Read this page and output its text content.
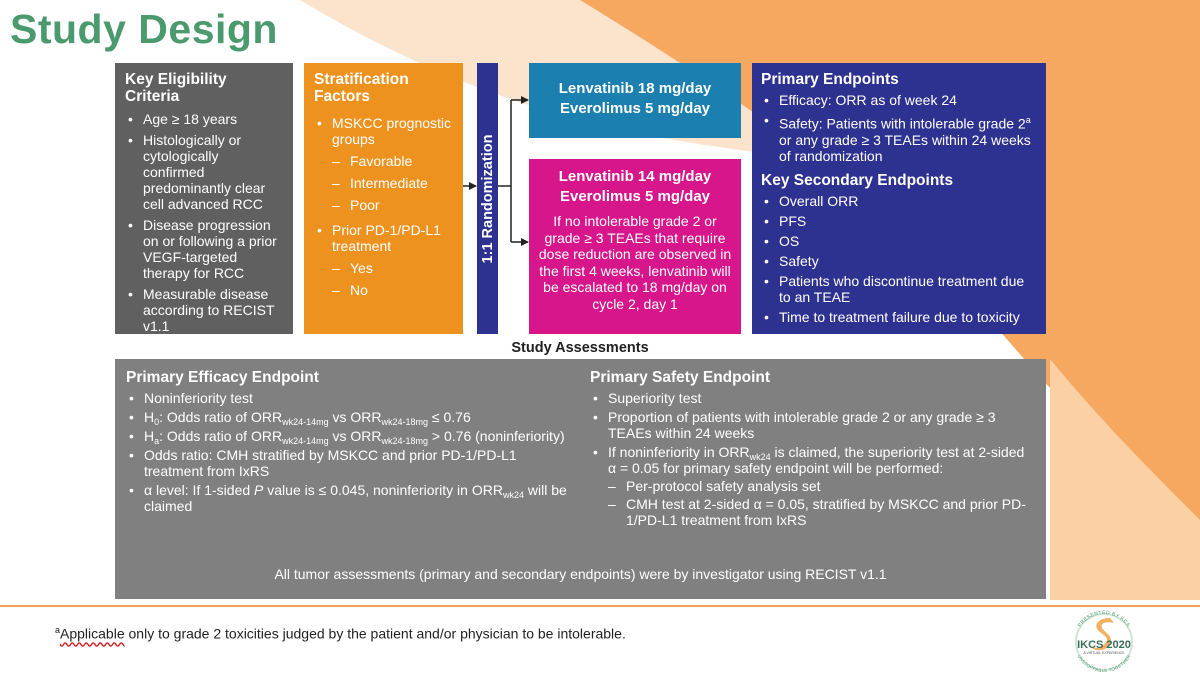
Study Design
Key Eligibility Criteria
• Age ≥ 18 years
• Histologically or cytologically confirmed predominantly clear cell advanced RCC
• Disease progression on or following a prior VEGF-targeted therapy for RCC
• Measurable disease according to RECIST v1.1
• KPS of ≥ 70
Stratification Factors
• MSKCC prognostic groups
– Favorable
– Intermediate
– Poor
• Prior PD-1/PD-L1 treatment
– Yes
– No
1:1 Randomization
Lenvatinib 18 mg/day
Everolimus 5 mg/day
Lenvatinib 14 mg/day
Everolimus 5 mg/day
If no intolerable grade 2 or grade ≥ 3 TEAEs that require dose reduction are observed in the first 4 weeks, lenvatinib will be escalated to 18 mg/day on cycle 2, day 1
Primary Endpoints
• Efficacy: ORR as of week 24
• Safety: Patients with intolerable grade 2$^a$ or any grade ≥ 3 TEAEs within 24 weeks of randomization
Key Secondary Endpoints
• Overall ORR
• PFS
• OS
• Safety
• Patients who discontinue treatment due to an TEAE
• Time to treatment failure due to toxicity
Study Assessments
Primary Efficacy Endpoint
• Noninferiority test
• $H_0$: Odds ratio of $ORR_{wk24-14mg}$ vs $ORR_{wk24-18mg} \le 0.76$
• $H_a$: Odds ratio of $ORR_{wk24-14mg}$ vs $ORR_{wk24-18mg} > 0.76$ (noninferiority)
• Odds ratio: CMH stratified by MSKCC and prior PD-1/PD-L1 treatment from IxRS
• α level: If 1-sided P value is ≤ 0.045, noninferiority in $ORR_{wk24}$ will be claimed
Primary Safety Endpoint
• Superiority test
• Proportion of patients with intolerable grade 2 or any grade ≥ 3 TEAEs within 24 weeks
• If noninferiority in $ORR_{wk24}$ is claimed, the superiority test at 2-sided α = 0.05 for primary safety endpoint will be performed:
– Per-protocol safety analysis set
– CMH test at 2-sided α = 0.05, stratified by MSKCC and prior PD-1/PD-L1 treatment from IxRS
All tumor assessments (primary and secondary endpoints) were by investigator using RECIST v1.1
$^a$Applicable only to grade 2 toxicities judged by the patient and/or physician to be intolerable.
PRESENTED BY KCA
IKCS 2020
A VIRTUAL EXPERIENCE
UNSTOPPABLE TOGETHER
